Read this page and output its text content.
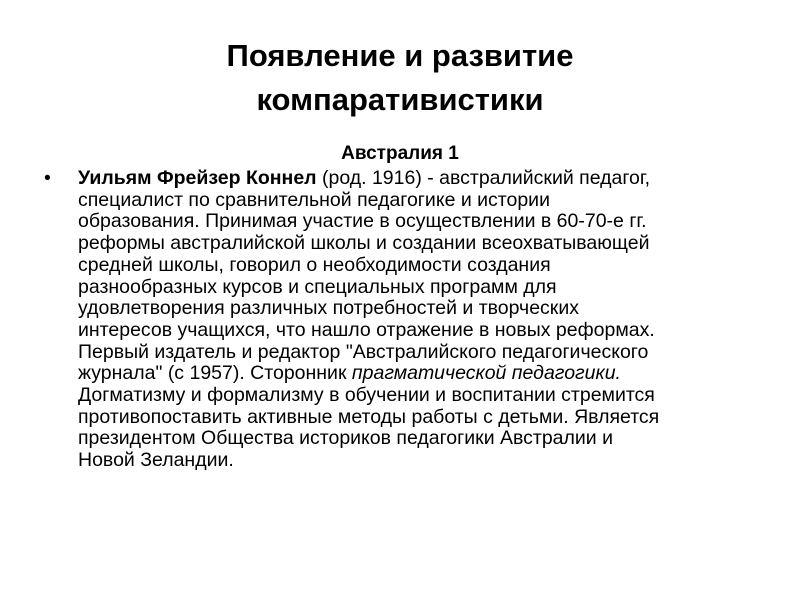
Появление и развитие
компаративистики
Австралия 1
•	Уильям Фрейзер Коннел (род. 1916) - австралийский педагог,
специалист по сравнительной педагогике и истории
образования. Принимая участие в осуществлении в 60-70-е гг.
реформы австралийской школы и создании всеохватывающей
средней школы, говорил о необходимости создания
разнообразных курсов и специальных программ для
удовлетворения различных потребностей и творческих
интересов учащихся, что нашло отражение в новых реформах.
Первый издатель и редактор "Австралийского педагогического
журнала" (с 1957). Сторонник прагматической педагогики.
Догматизму и формализму в обучении и воспитании стремится
противопоставить активные методы работы с детьми. Является
президентом Общества историков педагогики Австралии и
Новой Зеландии.
